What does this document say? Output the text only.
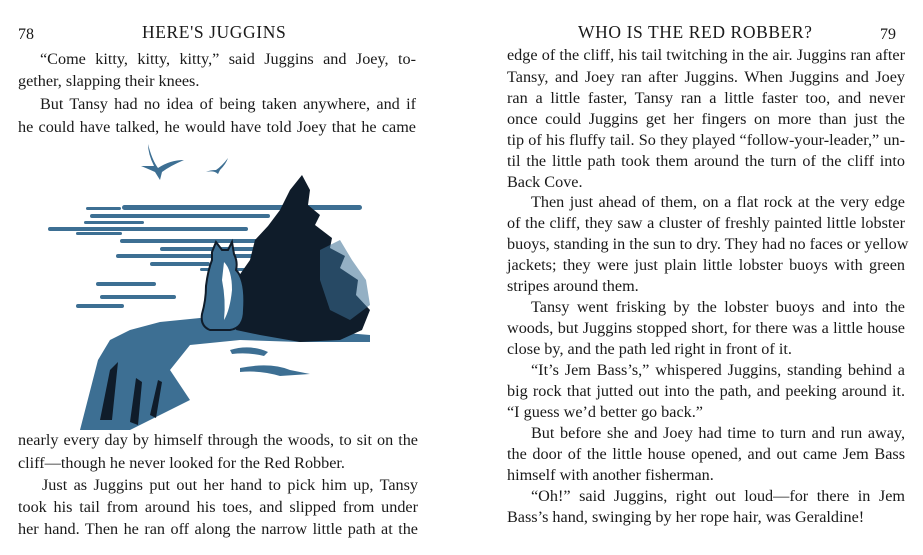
78	HERE'S JUGGINS
“Come kitty, kitty, kitty,” said Juggins and Joey, to-
gether, slapping their knees.
But Tansy had no idea of being taken anywhere, and if
he could have talked, he would have told Joey that he came
nearly every day by himself through the woods, to sit on the
cliff—though he never looked for the Red Robber.
Just as Juggins put out her hand to pick him up, Tansy
took his tail from around his toes, and slipped from under
her hand. Then he ran off along the narrow little path at the
WHO IS THE RED ROBBER?	79
edge of the cliff, his tail twitching in the air. Juggins ran after
Tansy, and Joey ran after Juggins. When Juggins and Joey
ran a little faster, Tansy ran a little faster too, and never
once could Juggins get her fingers on more than just the
tip of his fluffy tail. So they played “follow-your-leader,” un-
til the little path took them around the turn of the cliff into
Back Cove.
Then just ahead of them, on a flat rock at the very edge
of the cliff, they saw a cluster of freshly painted little lobster
buoys, standing in the sun to dry. They had no faces or yellow
jackets; they were just plain little lobster buoys with green
stripes around them.
Tansy went frisking by the lobster buoys and into the
woods, but Juggins stopped short, for there was a little house
close by, and the path led right in front of it.
“It’s Jem Bass’s,” whispered Juggins, standing behind a
big rock that jutted out into the path, and peeking around it.
“I guess we’d better go back.”
But before she and Joey had time to turn and run away,
the door of the little house opened, and out came Jem Bass
himself with another fisherman.
“Oh!” said Juggins, right out loud—for there in Jem
Bass’s hand, swinging by her rope hair, was Geraldine!
